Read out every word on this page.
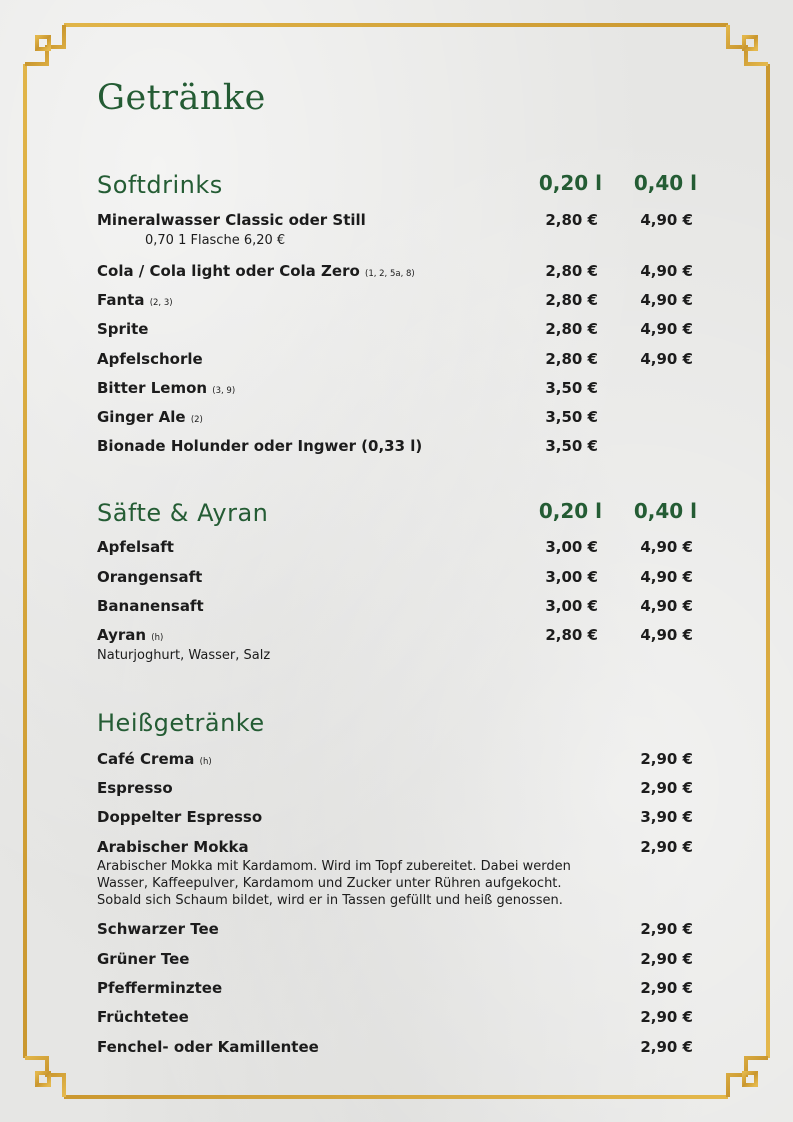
Getränke
Softdrinks	0,20 l 0,40 l
Mineralwasser Classic oder Still	2,80 €	4,90 €
0,70 1 Flasche 6,20 €
Cola / Cola light oder Cola Zero (1, 2, 5a, 8)	2,80 €	4,90 €
Fanta (2, 3)	2,80 €	4,90 €
Sprite	2,80 €	4,90 €
Apfelschorle	2,80 €	4,90 €
Bitter Lemon (3, 9)	3,50 €
Ginger Ale (2)	3,50 €
Bionade Holunder oder Ingwer (0,33 l)	3,50 €
Säfte & Ayran	0,20 l 0,40 l
Apfelsaft	3,00 €	4,90 €
Orangensaft	3,00 €	4,90 €
Bananensaft	3,00 €	4,90 €
Ayran (h)	2,80 €	4,90 €
Naturjoghurt, Wasser, Salz
Heißgetränke
Café Crema (h)	2,90 €
Espresso	2,90 €
Doppelter Espresso	3,90 €
Arabischer Mokka	2,90 €
Arabischer Mokka mit Kardamom. Wird im Topf zubereitet. Dabei werden
Wasser, Kaffeepulver, Kardamom und Zucker unter Rühren aufgekocht.
Sobald sich Schaum bildet, wird er in Tassen gefüllt und heiß genossen.
Schwarzer Tee	2,90 €
Grüner Tee	2,90 €
Pfefferminztee	2,90 €
Früchtetee	2,90 €
Fenchel- oder Kamillentee	2,90 €
